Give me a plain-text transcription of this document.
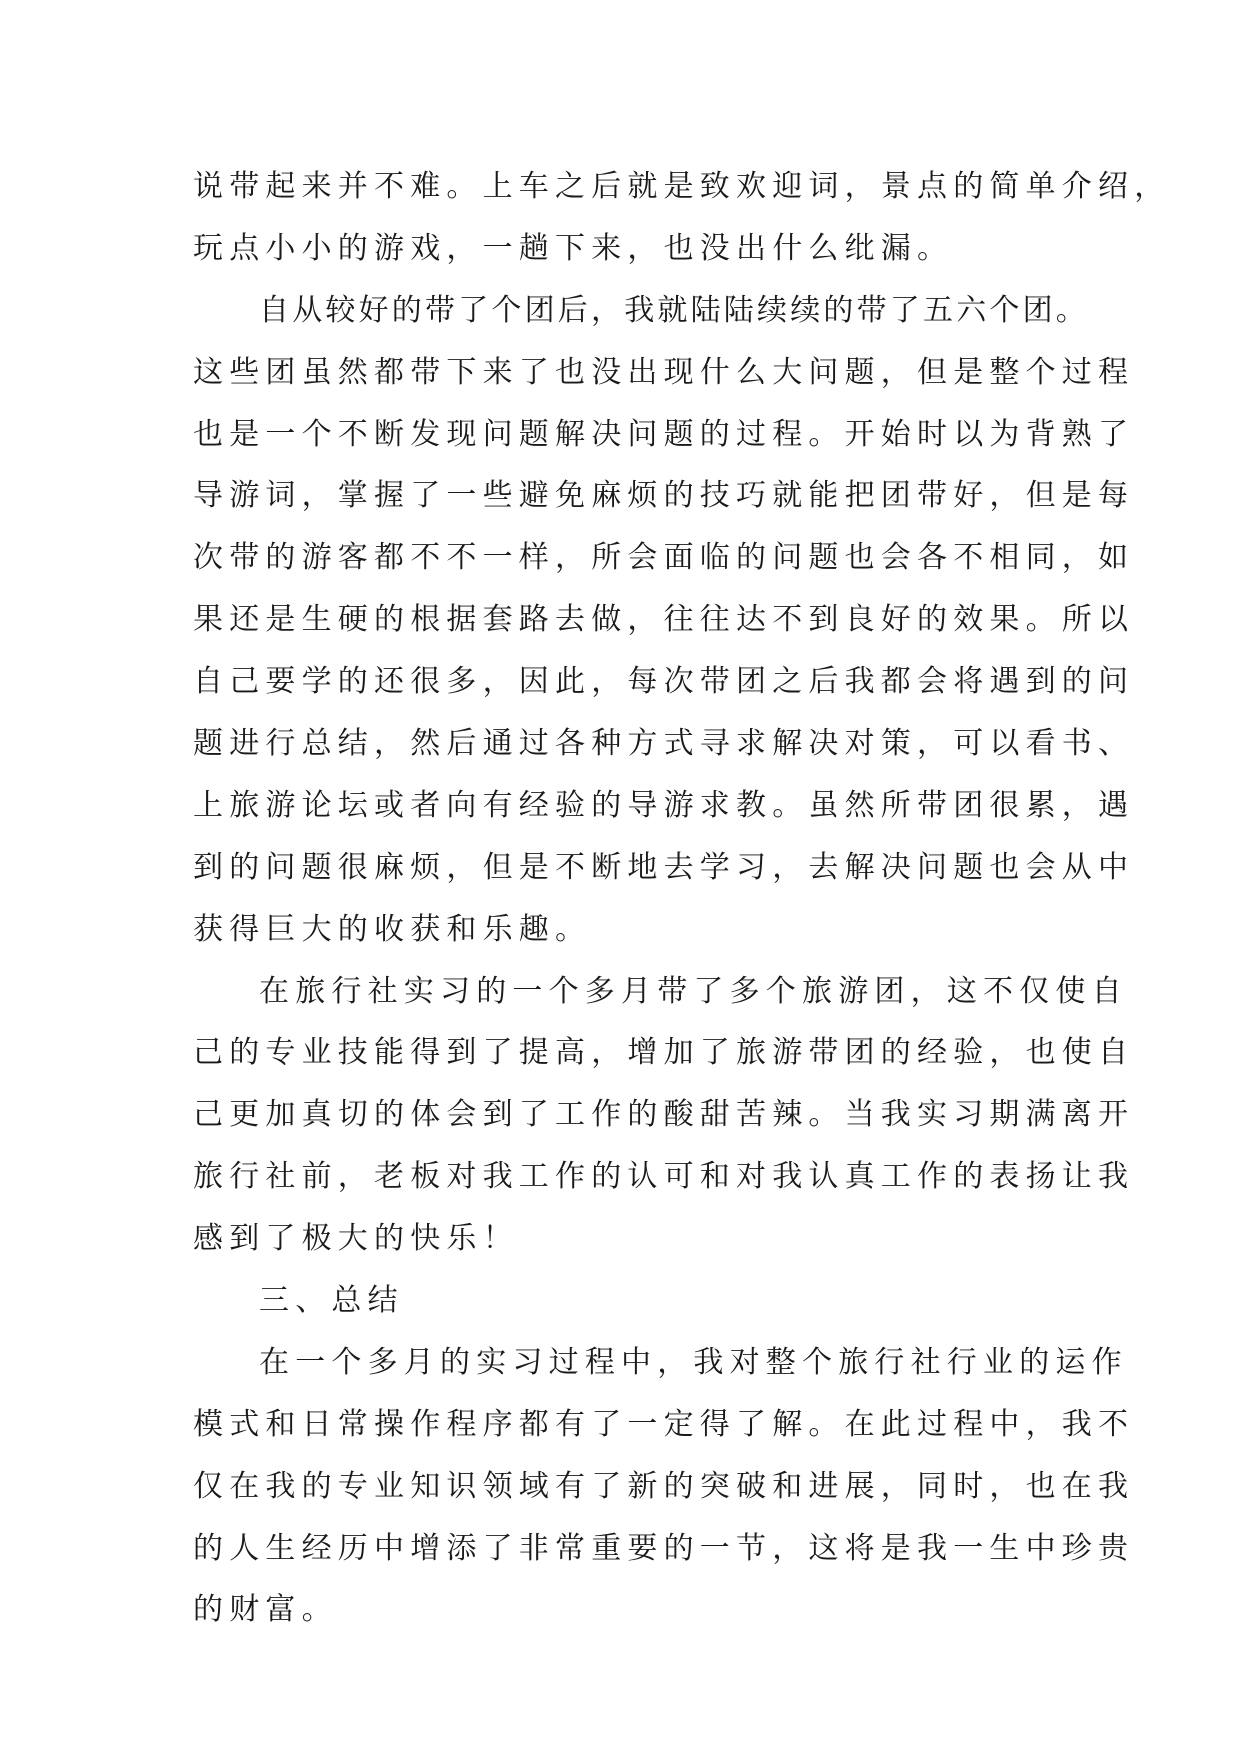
说带起来并不难。上车之后就是致欢迎词，景点的简单介绍，
玩点小小的游戏，一趟下来，也没出什么纰漏。
自从较好的带了个团后，我就陆陆续续的带了五六个团。
这些团虽然都带下来了也没出现什么大问题，但是整个过程
也是一个不断发现问题解决问题的过程。开始时以为背熟了
导游词，掌握了一些避免麻烦的技巧就能把团带好，但是每
次带的游客都不不一样，所会面临的问题也会各不相同，如
果还是生硬的根据套路去做，往往达不到良好的效果。所以
自己要学的还很多，因此，每次带团之后我都会将遇到的问
题进行总结，然后通过各种方式寻求解决对策，可以看书、
上旅游论坛或者向有经验的导游求教。虽然所带团很累，遇
到的问题很麻烦，但是不断地去学习，去解决问题也会从中
获得巨大的收获和乐趣。
在旅行社实习的一个多月带了多个旅游团，这不仅使自
己的专业技能得到了提高，增加了旅游带团的经验，也使自
己更加真切的体会到了工作的酸甜苦辣。当我实习期满离开
旅行社前，老板对我工作的认可和对我认真工作的表扬让我
感到了极大的快乐！
三、总结
在一个多月的实习过程中，我对整个旅行社行业的运作
模式和日常操作程序都有了一定得了解。在此过程中，我不
仅在我的专业知识领域有了新的突破和进展，同时，也在我
的人生经历中增添了非常重要的一节，这将是我一生中珍贵
的财富。
